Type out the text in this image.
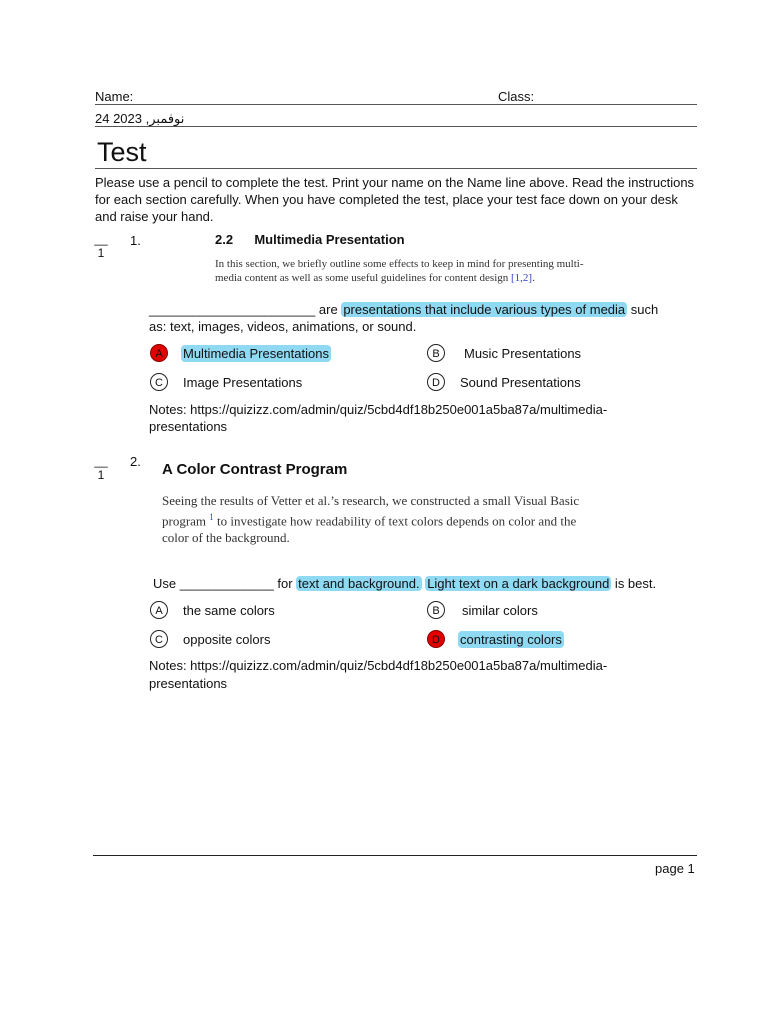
Name:	Class:
24 2023 ,نوفمبر
Test
Please use a pencil to complete the test. Print your name on the Name line above. Read the instructions for each section carefully. When you have completed the test, place your test face down on your desk and raise your hand.
__
1
1.	2.2 Multimedia Presentation
In this section, we briefly outline some effects to keep in mind for presenting multi-
media content as well as some useful guidelines for content design [1,2].
_______________________ are presentations that include various types of media such
as: text, images, videos, animations, or sound.
A	Multimedia Presentations	B	Music Presentations
C	Image Presentations	D	Sound Presentations
Notes: https://quizizz.com/admin/quiz/5cbd4df18b250e001a5ba87a/multimedia-
presentations
__
1
2. A Color Contrast Program
Seeing the results of Vetter et al.’s research, we constructed a small Visual Basic
program $^1$ to investigate how readability of text colors depends on color and the
color of the background.
Use _____________ for text and background. Light text on a dark background is best.
A	the same colors	B	similar colors
C	opposite colors	D	contrasting colors
Notes: https://quizizz.com/admin/quiz/5cbd4df18b250e001a5ba87a/multimedia-
presentations
page 1
